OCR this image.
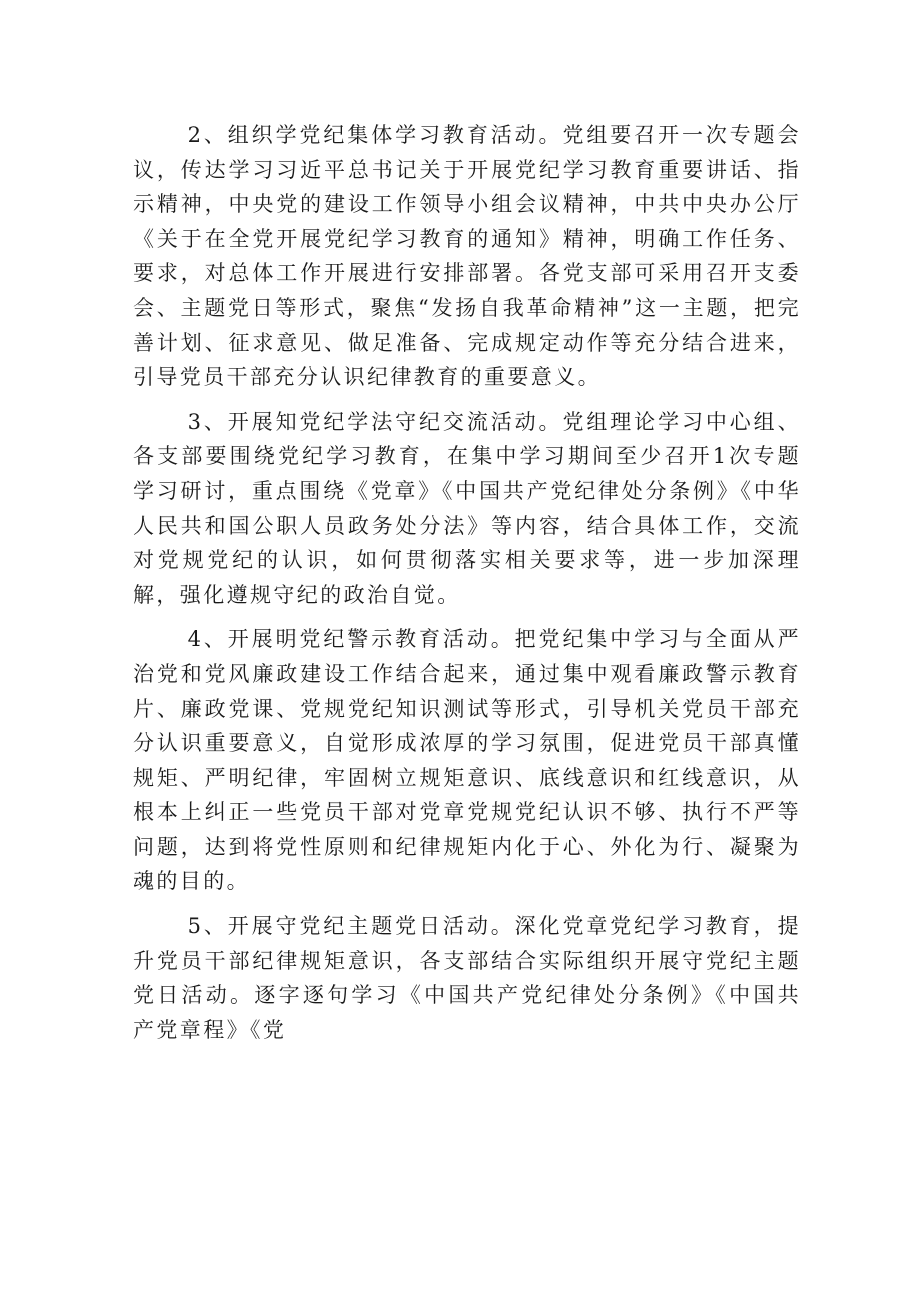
2、组织学党纪集体学习教育活动。党组要召开一次专题会议，传达学习习近平总书记关于开展党纪学习教育重要讲话、指示精神，中央党的建设工作领导小组会议精神，中共中央办公厅《关于在全党开展党纪学习教育的通知》精神，明确工作任务、要求，对总体工作开展进行安排部署。各党支部可采用召开支委会、主题党日等形式，聚焦“发扬自我革命精神”这一主题，把完善计划、征求意见、做足准备、完成规定动作等充分结合进来，引导党员干部充分认识纪律教育的重要意义。

3、开展知党纪学法守纪交流活动。党组理论学习中心组、各支部要围绕党纪学习教育，在集中学习期间至少召开1次专题学习研讨，重点围绕《党章》《中国共产党纪律处分条例》《中华人民共和国公职人员政务处分法》等内容，结合具体工作，交流对党规党纪的认识，如何贯彻落实相关要求等，进一步加深理解，强化遵规守纪的政治自觉。

4、开展明党纪警示教育活动。把党纪集中学习与全面从严治党和党风廉政建设工作结合起来，通过集中观看廉政警示教育片、廉政党课、党规党纪知识测试等形式，引导机关党员干部充分认识重要意义，自觉形成浓厚的学习氛围，促进党员干部真懂规矩、严明纪律，牢固树立规矩意识、底线意识和红线意识，从根本上纠正一些党员干部对党章党规党纪认识不够、执行不严等问题，达到将党性原则和纪律规矩内化于心、外化为行、凝聚为魂的目的。

5、开展守党纪主题党日活动。深化党章党纪学习教育，提升党员干部纪律规矩意识，各支部结合实际组织开展守党纪主题党日活动。逐字逐句学习《中国共产党纪律处分条例》《中国共产党章程》《党
